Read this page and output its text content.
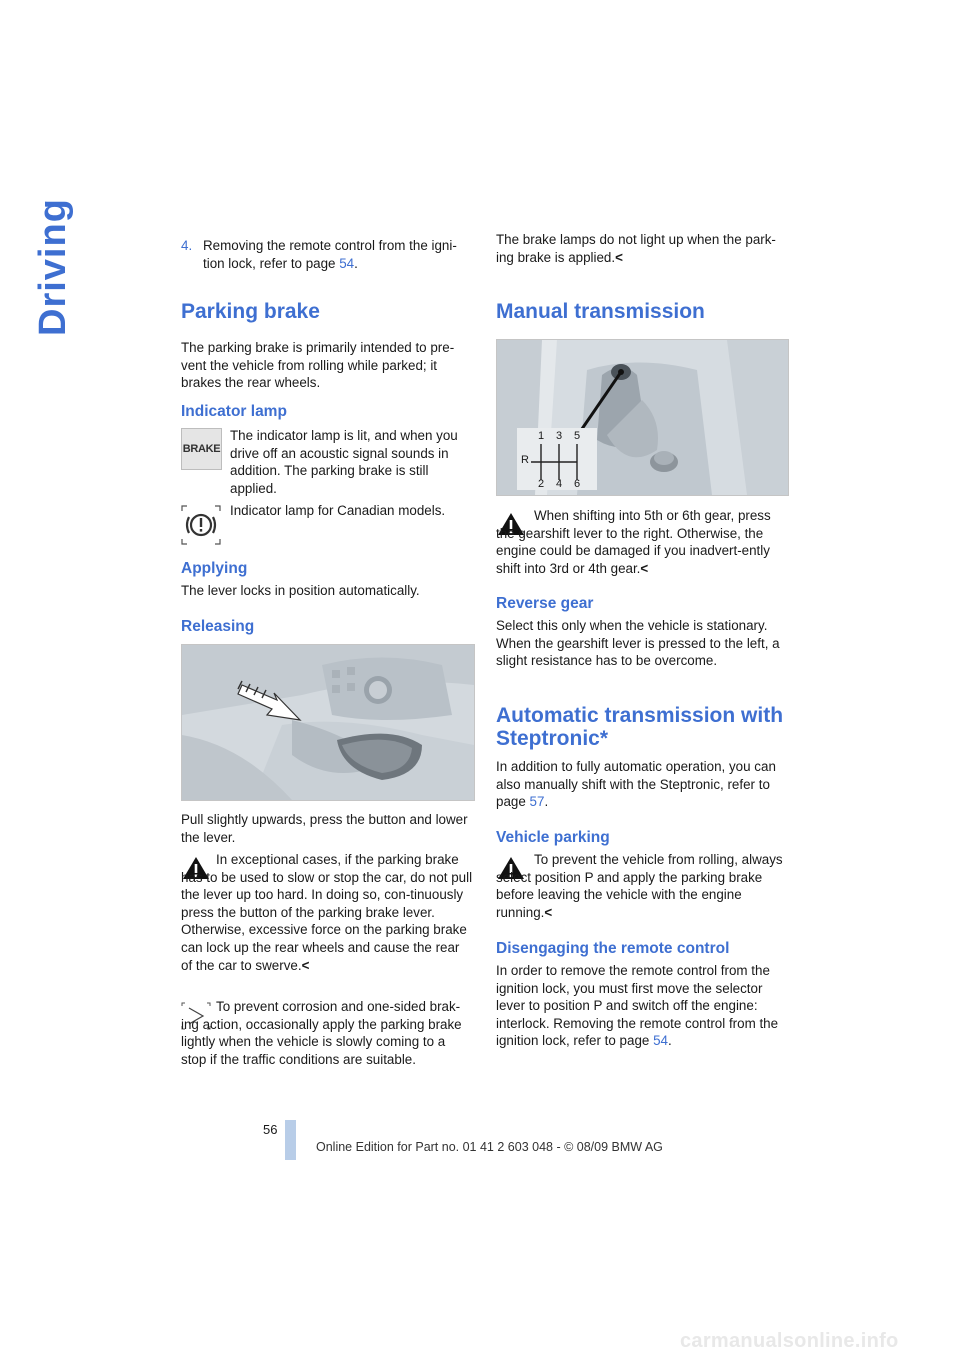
Driving	4. Removing the remote control from the igni-tion lock, refer to page 54.
Parking brake
The parking brake is primarily intended to pre-vent the vehicle from rolling while parked; it brakes the rear wheels.
Indicator lamp
BRAKE

The indicator lamp is lit, and when you drive off an acoustic signal sounds in addition. The parking brake is still applied.

Indicator lamp for Canadian models.
Applying
The lever locks in position automatically.
Releasing
Pull slightly upwards, press the button and lower the lever.

In exceptional cases, if the parking brake has to be used to slow or stop the car, do not pull the lever up too hard. In doing so, con-tinuously press the button of the parking brake lever.

Otherwise, excessive force on the parking brake can lock up the rear wheels and cause the rear of the car to swerve.<

To prevent corrosion and one-sided brak-ing action, occasionally apply the parking brake lightly when the vehicle is slowly coming to a stop if the traffic conditions are suitable.

The brake lamps do not light up when the park-ing brake is applied.<

Manual transmission
1 3 5
R
2 4 6

When shifting into 5th or 6th gear, press the gearshift lever to the right. Otherwise, the engine could be damaged if you inadvert-ently shift into 3rd or 4th gear.<

Reverse gear
Select this only when the vehicle is stationary. When the gearshift lever is pressed to the left, a slight resistance has to be overcome.
Automatic transmission with
Steptronic*
In addition to fully automatic operation, you can also manually shift with the Steptronic, refer to page 57.
Vehicle parking

To prevent the vehicle from rolling, always select position P and apply the parking brake before leaving the vehicle with the engine running.<

Disengaging the remote control
In order to remove the remote control from the ignition lock, you must first move the selector lever to position P and switch off the engine: interlock. Removing the remote control from the ignition lock, refer to page 54.
56
Online Edition for Part no. 01 41 2 603 048 - © 08/09 BMW AG
carmanualsonline.info
